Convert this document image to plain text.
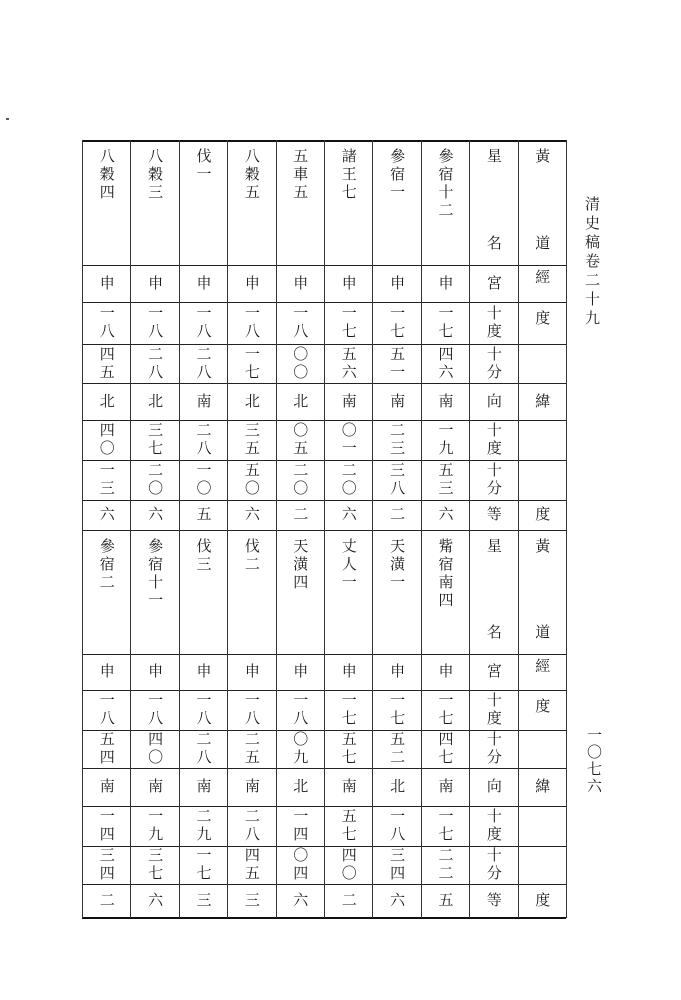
清史稿卷二十九
一〇七六
參宿十二
申
一七
四六
南
一九
五三
六
參宿一
申
一七
五一
南
二三
三八
二
諸王七
申
一七
五六
南
〇一
二〇
六
五車五
申
一八
〇〇
北
〇五
二〇
二
八穀五
申
一八
一七
北
三五
五〇
六
伐一
申
一八
二八
南
二八
一〇
五
八穀三
申
一八
二八
北
三七
二〇
六
八穀四
申
一八
四五
北
四〇
一三
六
星
名
宮
十度
十分
向
十度
十分
等
黃
道
經
度
緯
度
觜宿南四
申
一七
四七
南
一七
二二
五
天潢一
申
一七
五二
北
一八
三四
六
丈人一
申
一七
五七
南
五七
四〇
二
天潢四
申
一八
〇九
北
一四
〇四
六
伐二
申
一八
二五
南
二八
四五
三
伐三
申
一八
二八
南
二九
一七
三
參宿十一
申
一八
四〇
南
一九
三七
六
參宿二
申
一八
五四
南
一四
三四
二
星
名
宮
十度
十分
向
十度
十分
等
黃
道
經
度
緯
度
